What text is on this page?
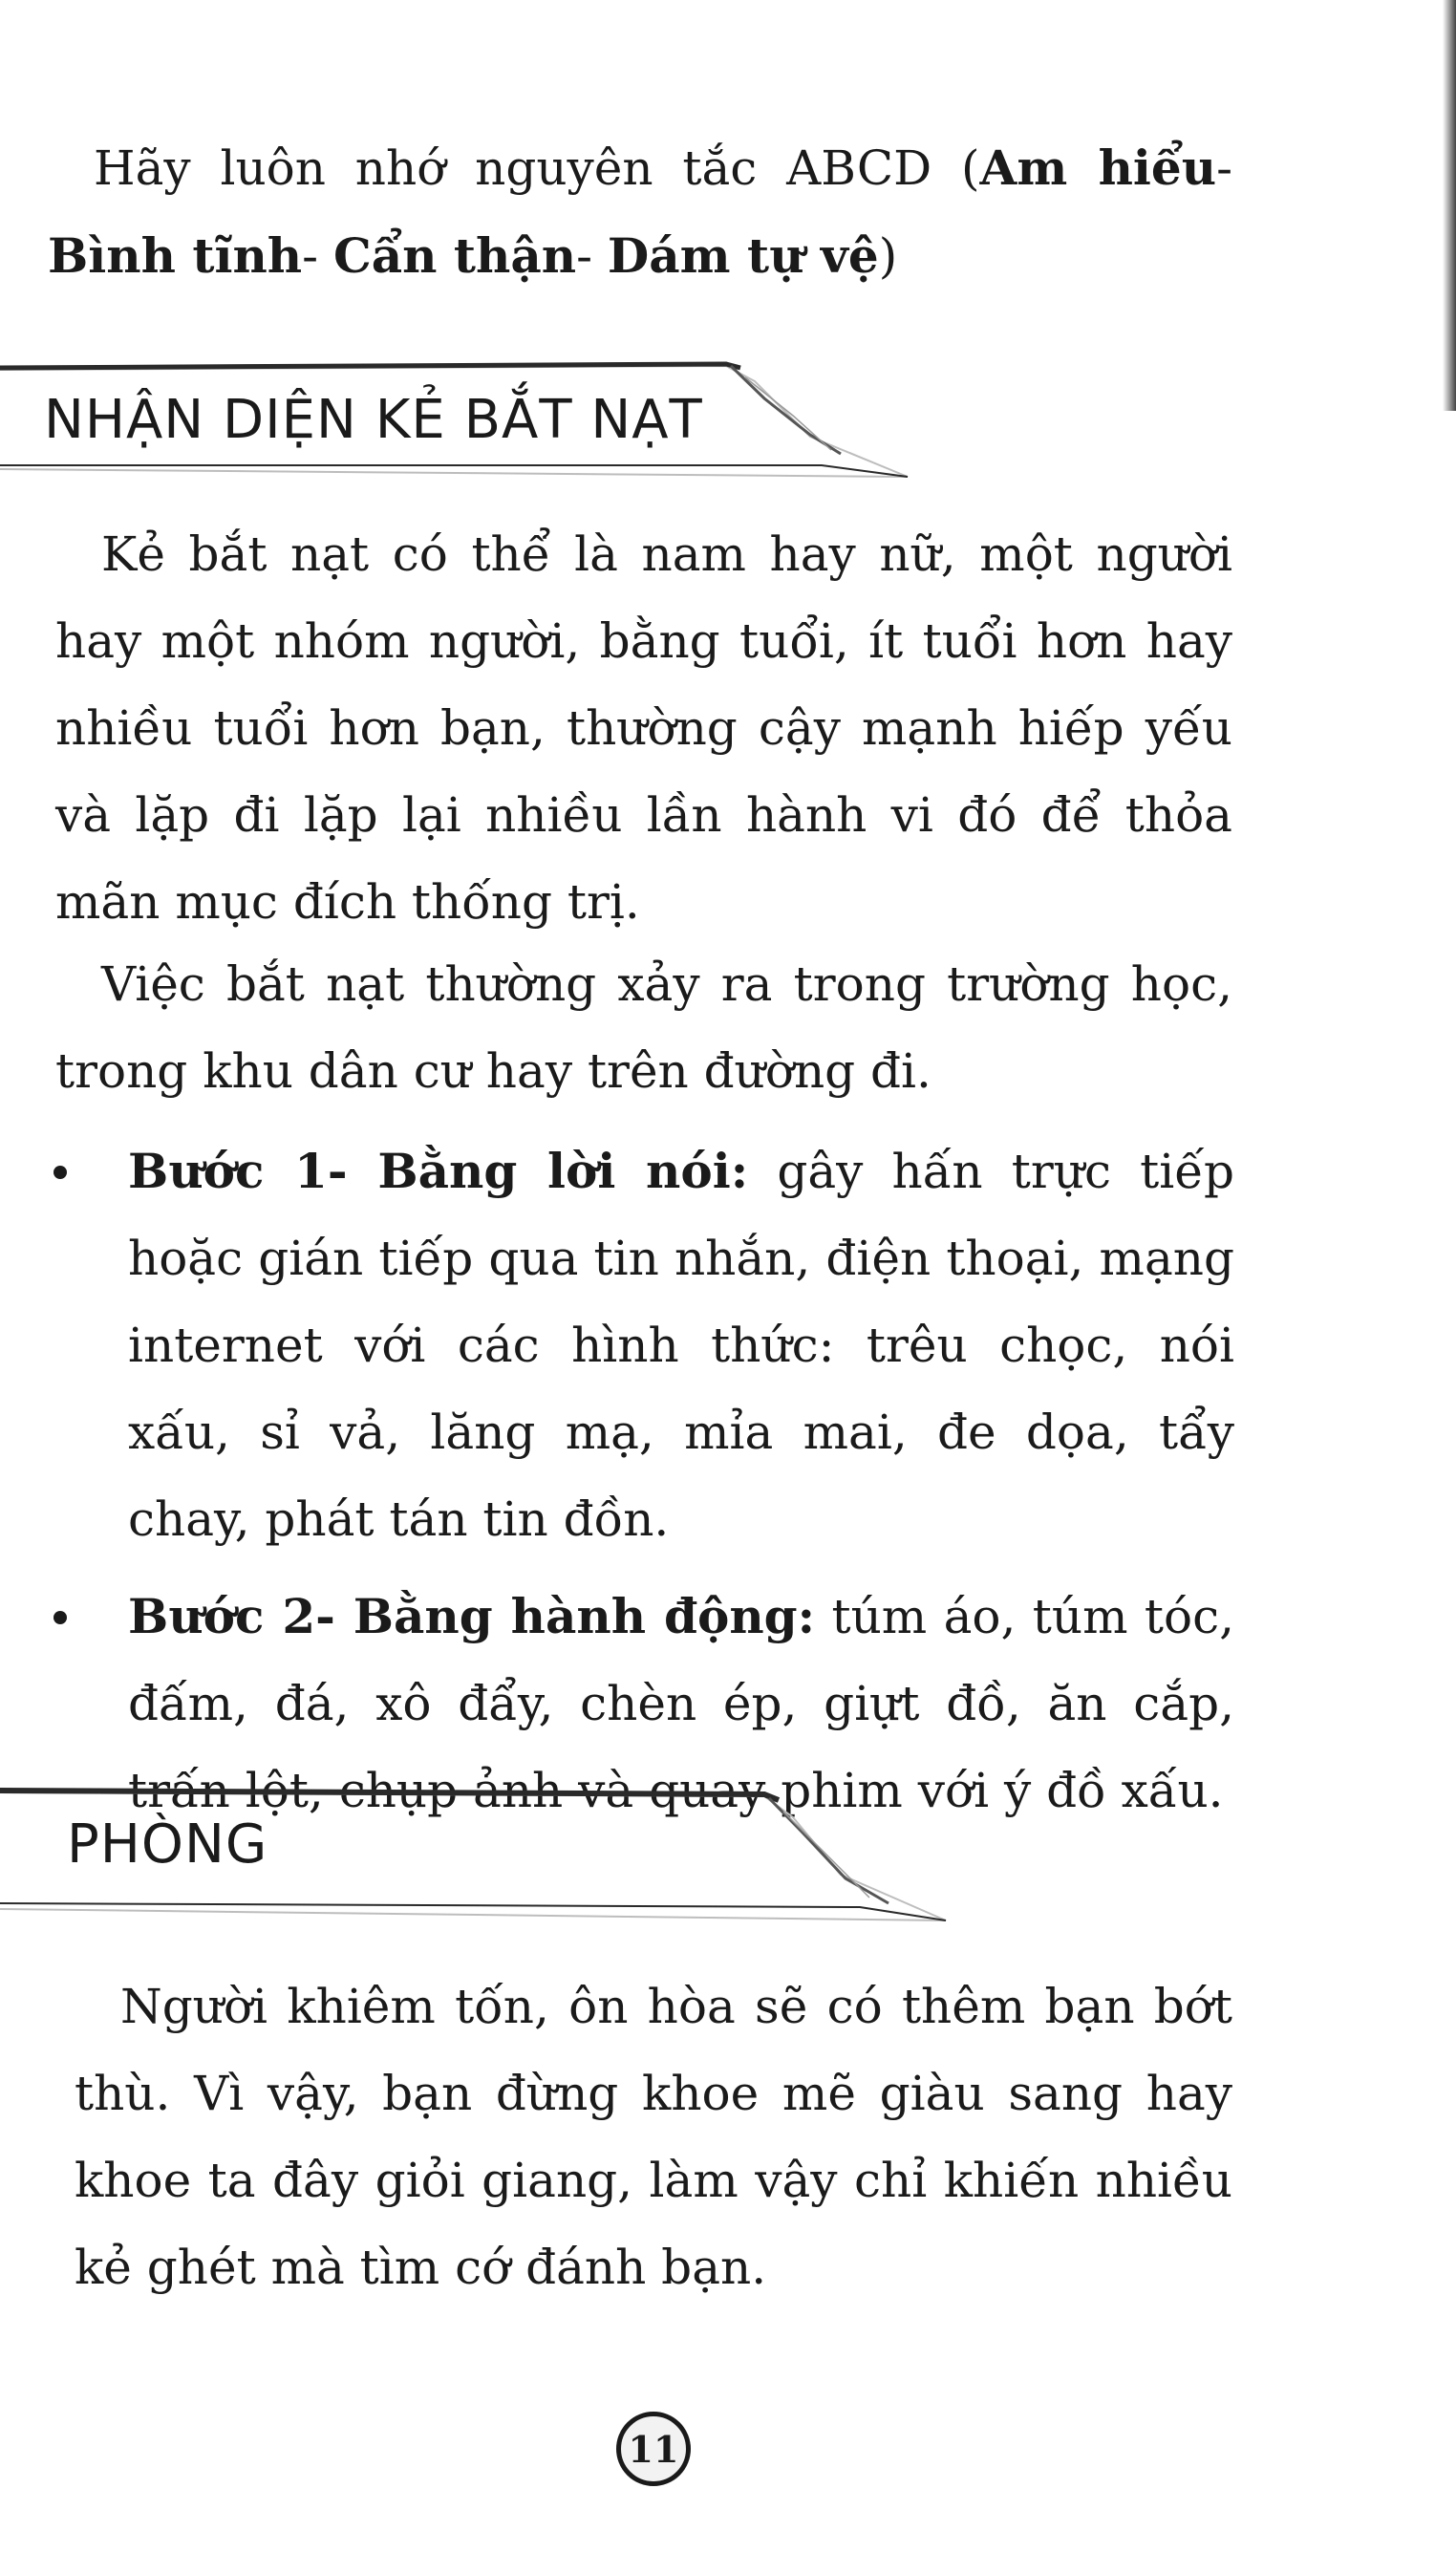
Hãy luôn nhớ nguyên tắc ABCD (Am hiểu- Bình tĩnh- Cẩn thận- Dám tự vệ)

NHẬN DIỆN KẺ BẮT NẠT

Kẻ bắt nạt có thể là nam hay nữ, một người hay một nhóm người, bằng tuổi, ít tuổi hơn hay nhiều tuổi hơn bạn, thường cậy mạnh hiếp yếu và lặp đi lặp lại nhiều lần hành vi đó để thỏa mãn mục đích thống trị.

Việc bắt nạt thường xảy ra trong trường học, trong khu dân cư hay trên đường đi.

Bước 1- Bằng lời nói: gây hấn trực tiếp hoặc gián tiếp qua tin nhắn, điện thoại, mạng internet với các hình thức: trêu chọc, nói xấu, sỉ vả, lăng mạ, mỉa mai, đe dọa, tẩy chay, phát tán tin đồn.
Bước 2- Bằng hành động: túm áo, túm tóc, đấm, đá, xô đẩy, chèn ép, giựt đồ, ăn cắp, trấn lột, chụp ảnh và quay phim với ý đồ xấu.
PHÒNG

Người khiêm tốn, ôn hòa sẽ có thêm bạn bớt thù. Vì vậy, bạn đừng khoe mẽ giàu sang hay khoe ta đây giỏi giang, làm vậy chỉ khiến nhiều kẻ ghét mà tìm cớ đánh bạn.

11
